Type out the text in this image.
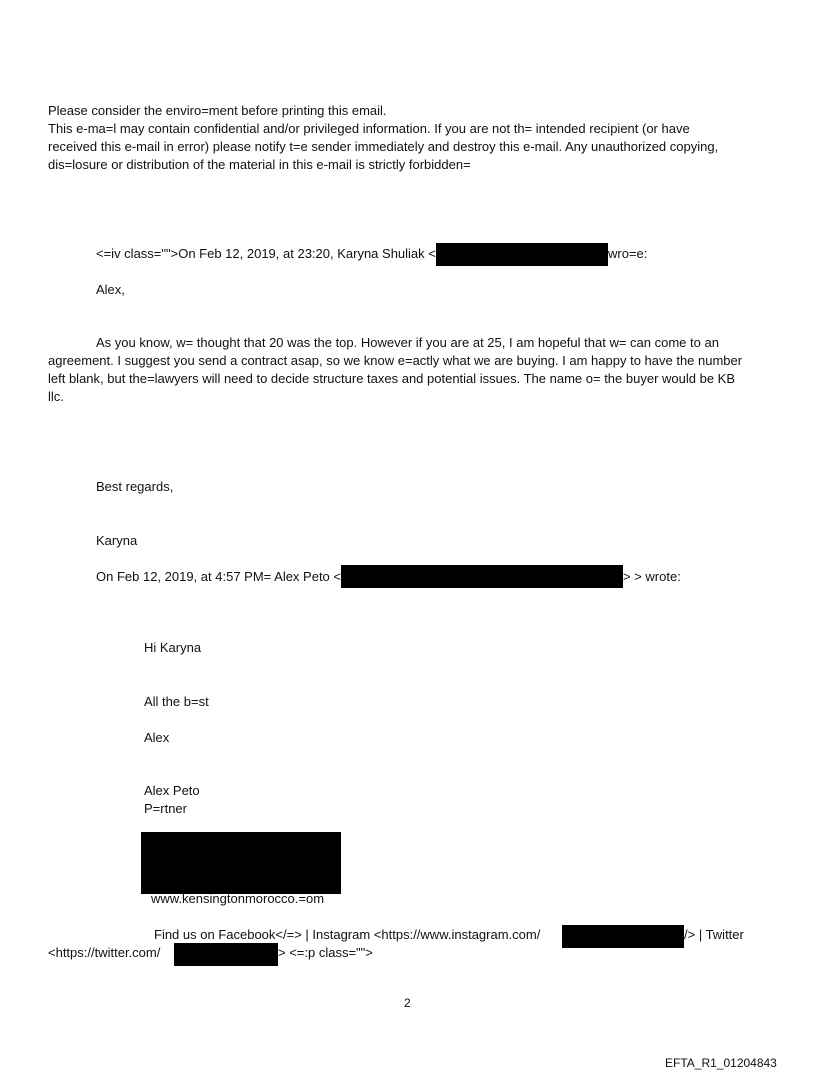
Please consider the enviro=ment before printing this email.
This e-ma=l may contain confidential and/or privileged information. If you are not th= intended recipient (or have
received this e-mail in error) please notify t=e sender immediately and destroy this e-mail. Any unauthorized copying,
dis=losure or distribution of the material in this e-mail is strictly forbidden=
<=iv class="">On Feb 12, 2019, at 23:20, Karyna Shuliak <	wro=e:
Alex,
As you know, w= thought that 20 was the top. However if you are at 25, I am hopeful that w= can come to an
agreement. I suggest you send a contract asap, so we know e=actly what we are buying. I am happy to have the number
left blank, but the=lawyers will need to decide structure taxes and potential issues. The name o= the buyer would be KB
llc.
Best regards,
Karyna
On Feb 12, 2019, at 4:57 PM= Alex Peto <	> > wrote:
Hi Karyna
All the b=st
Alex
Alex Peto
P=rtner
www.kensingtonmorocco.=om
Find us on Facebook</=> | Instagram <https://www.instagram.com/	/> | Twitter
<https://twitter.com/	> <=:p class="">
2
EFTA_R1_01204843
